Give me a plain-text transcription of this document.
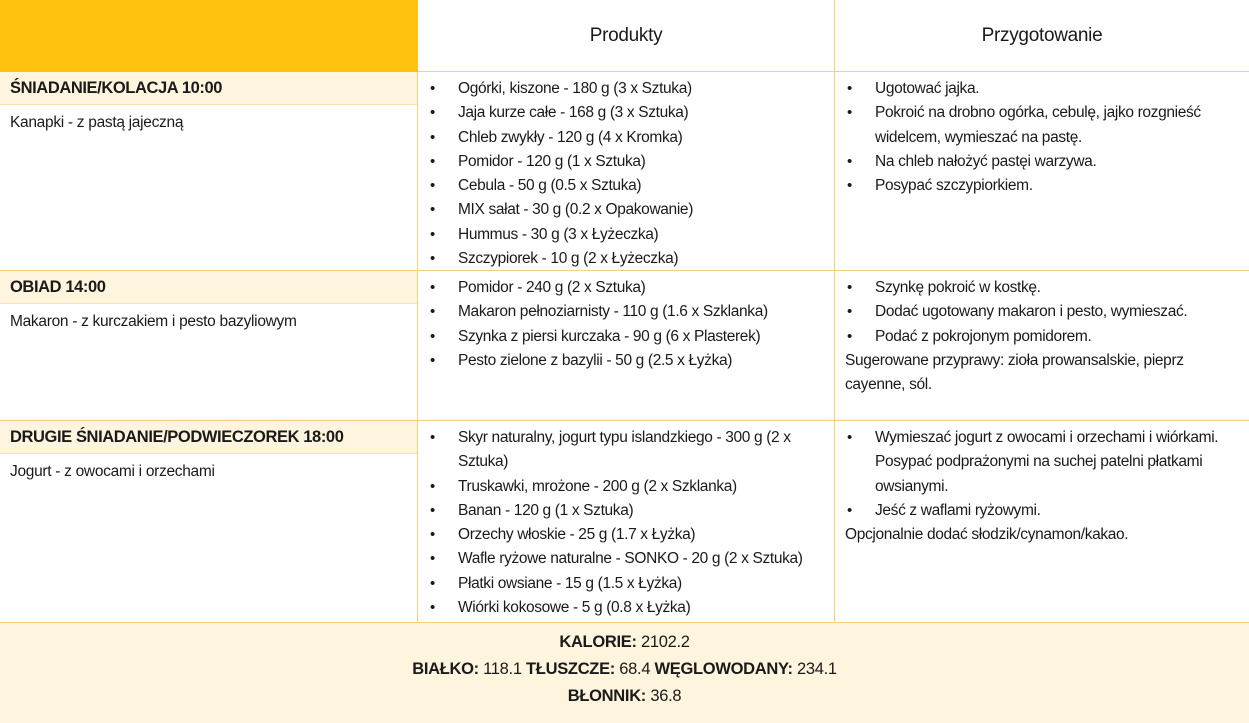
Produkty	Przygotowanie
ŚNIADANIE/KOLACJA 10:00
Kanapki - z pastą jajeczną
• Ogórki, kiszone - 180 g (3 x Sztuka)
• Jaja kurze całe - 168 g (3 x Sztuka)
• Chleb zwykły - 120 g (4 x Kromka)
• Pomidor - 120 g (1 x Sztuka)
• Cebula - 50 g (0.5 x Sztuka)
• MIX sałat - 30 g (0.2 x Opakowanie)
• Hummus - 30 g (3 x Łyżeczka)
• Szczypiorek - 10 g (2 x Łyżeczka)
• Ugotować jajka.
• Pokroić na drobno ogórka, cebulę, jajko rozgnieść widelcem, wymieszać na pastę.
• Na chleb nałożyć pastęi warzywa.
• Posypać szczypiorkiem.
OBIAD 14:00
Makaron - z kurczakiem i pesto bazyliowym
• Pomidor - 240 g (2 x Sztuka)
• Makaron pełnoziarnisty - 110 g (1.6 x Szklanka)
• Szynka z piersi kurczaka - 90 g (6 x Plasterek)
• Pesto zielone z bazylii - 50 g (2.5 x Łyżka)
• Szynkę pokroić w kostkę.
• Dodać ugotowany makaron i pesto, wymieszać.
• Podać z pokrojonym pomidorem.
Sugerowane przyprawy: zioła prowansalskie, pieprz cayenne, sól.
DRUGIE ŚNIADANIE/PODWIECZOREK 18:00
Jogurt - z owocami i orzechami
• Skyr naturalny, jogurt typu islandzkiego - 300 g (2 x Sztuka)
• Truskawki, mrożone - 200 g (2 x Szklanka)
• Banan - 120 g (1 x Sztuka)
• Orzechy włoskie - 25 g (1.7 x Łyżka)
• Wafle ryżowe naturalne - SONKO - 20 g (2 x Sztuka)
• Płatki owsiane - 15 g (1.5 x Łyżka)
• Wiórki kokosowe - 5 g (0.8 x Łyżka)
• Wymieszać jogurt z owocami i orzechami i wiórkami. Posypać podprażonymi na suchej patelni płatkami owsianymi.
• Jeść z waflami ryżowymi.
Opcjonalnie dodać słodzik/cynamon/kakao.
KALORIE: 2102.2
BIAŁKO: 118.1 TŁUSZCZE: 68.4 WĘGLOWODANY: 234.1
BŁONNIK: 36.8
